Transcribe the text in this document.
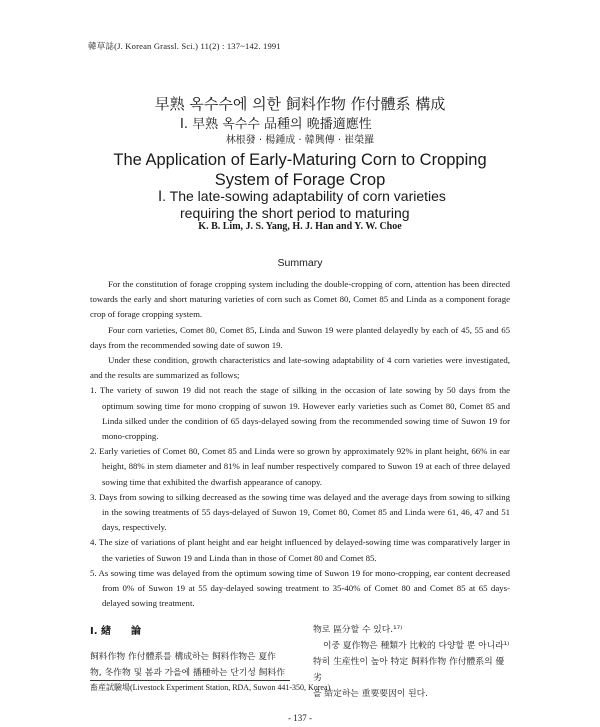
韓草誌(J. Korean Grassl. Sci.) 11(2) : 137~142. 1991
早熟 옥수수에 의한 飼料作物 作付體系 構成
Ⅰ. 早熟 옥수수 品種의 晩播適應性
林根發 · 楊鍾成 · 韓興傳 · 崔榮羅
The Application of Early-Maturing Corn to Cropping
System of Forage Crop
Ⅰ. The late-sowing adaptability of corn varieties
requiring the short period to maturing
K. B. Lim, J. S. Yang, H. J. Han and Y. W. Choe
Summary

For the constitution of forage cropping system including the double-cropping of corn, attention has been directed towards the early and short maturing varieties of corn such as Comet 80, Comet 85 and Linda as a component forage crop of forage cropping system.

Four corn varieties, Comet 80, Comet 85, Linda and Suwon 19 were planted delayedly by each of 45, 55 and 65 days from the recommended sowing date of suwon 19.

Under these condition, growth characteristics and late-sowing adaptability of 4 corn varieties were investigated, and the results are summarized as follows;

1. The variety of suwon 19 did not reach the stage of silking in the occasion of late sowing by 50 days from the optimum sowing time for mono cropping of suwon 19. However early varieties such as Comet 80, Comet 85 and Linda silked under the condition of 65 days-delayed sowing from the recommended sowing time of Suwon 19 for mono-cropping.

2. Early varieties of Comet 80, Comet 85 and Linda were so grown by approximately 92% in plant height, 66% in ear height, 88% in stem diameter and 81% in leaf number respectively compared to Suwon 19 at each of three delayed sowing time that exhibited the dwarfish appearance of canopy.

3. Days from sowing to silking decreased as the sowing time was delayed and the average days from sowing to silking in the sowing treatments of 55 days-delayed of Suwon 19, Comet 80, Comet 85 and Linda were 61, 46, 47 and 51 days, respectively.

4. The size of variations of plant height and ear height influenced by delayed-sowing time was comparatively larger in the varieties of Suwon 19 and Linda than in those of Comet 80 and Comet 85.

5. As sowing time was delayed from the optimum sowing time of Suwon 19 for mono-cropping, ear content decreased from 0% of Suwon 19 at 55 day-delayed sowing treatment to 35-40% of Comet 80 and Comet 85 at 65 days-delayed sowing treatment.

Ⅰ. 緖　　論
飼料作物 作付體系를 構成하는 飼料作物은 夏作
物, 冬作物 및 봄과 가을에 播種하는 단기성 飼料作
物로 區分할 수 있다.¹⁷⁾
이중 夏作物은 種類가 比較的 다양할 뿐 아니라¹⁾
特히 生産性이 높아 特定 飼料作物 作付體系의 優劣
을 結定하는 重要要因이 된다.
畜産試驗場(Livestock Experiment Station, RDA, Suwon 441-350, Korea)
- 137 -
